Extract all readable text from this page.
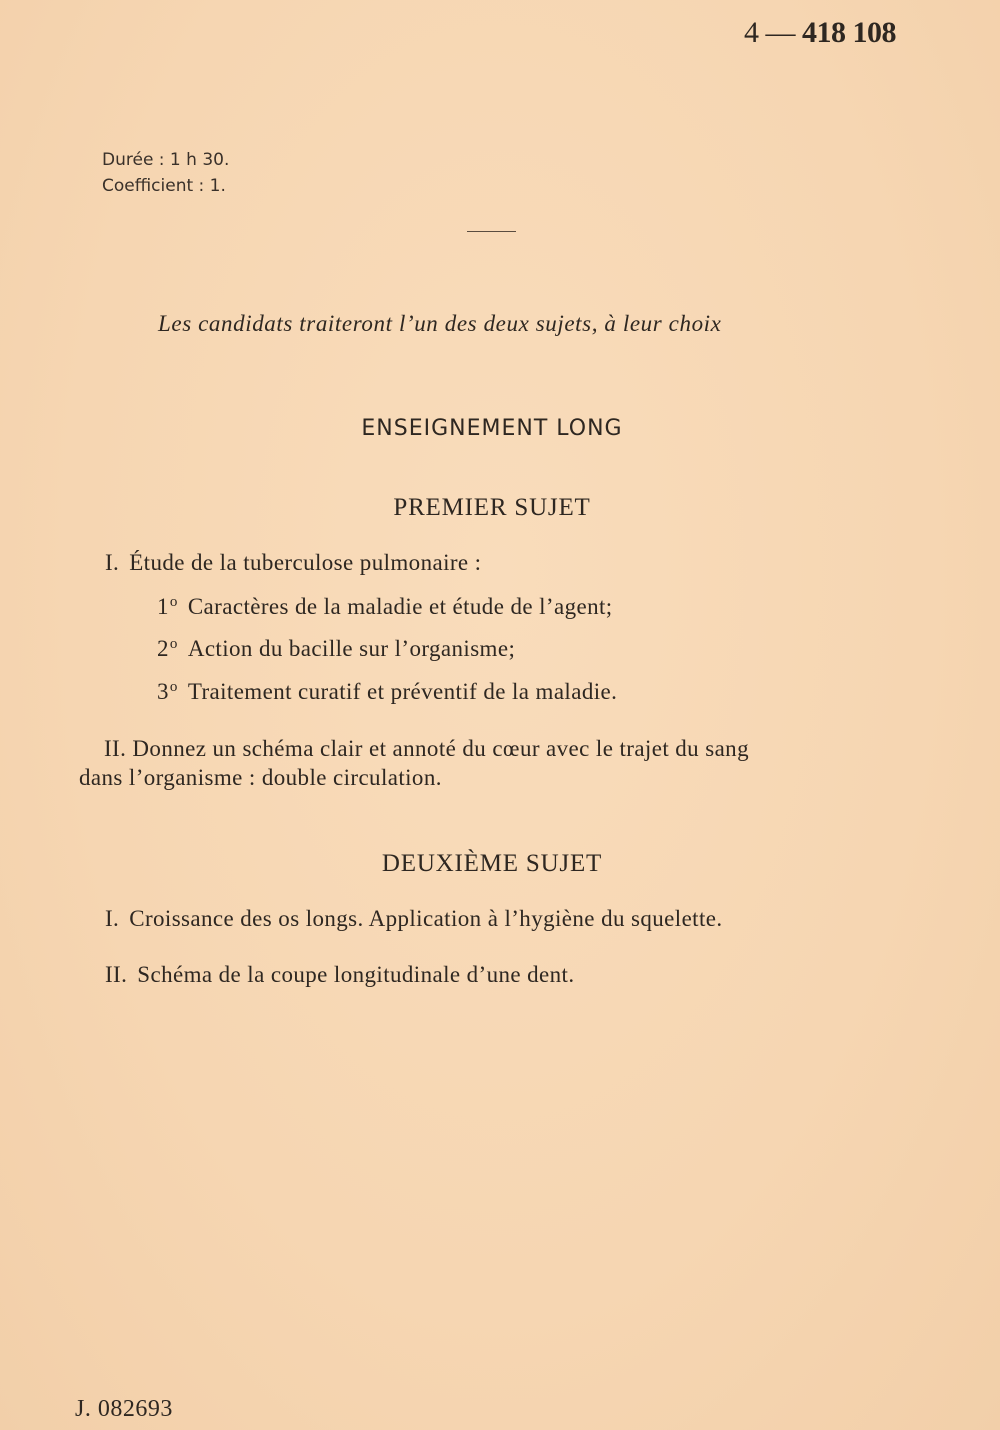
4 — 418 108
Durée : 1 h 30.
Coefficient : 1.
Les candidats traiteront l’un des deux sujets, à leur choix
ENSEIGNEMENT LONG
PREMIER SUJET
I. Étude de la tuberculose pulmonaire :
1$^o$ Caractères de la maladie et étude de l’agent;
2$^o$ Action du bacille sur l’organisme;
3$^o$ Traitement curatif et préventif de la maladie.
II. Donnez un schéma clair et annoté du cœur avec le trajet du sang
dans l’organisme : double circulation.
DEUXIÈME SUJET
I. Croissance des os longs. Application à l’hygiène du squelette.
II. Schéma de la coupe longitudinale d’une dent.
J. 082693
